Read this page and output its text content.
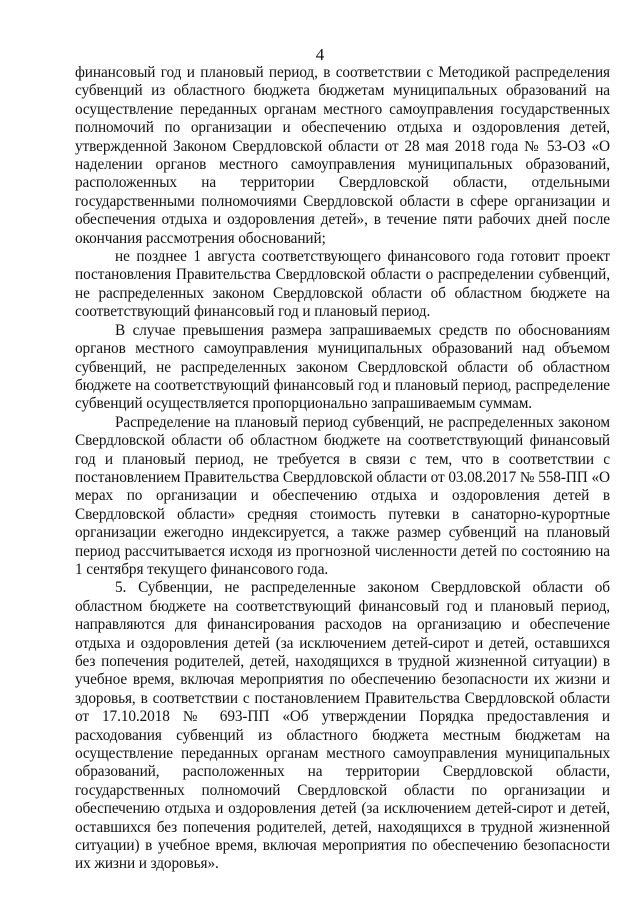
4

финансовый год и плановый период, в соответствии с Методикой распределения субвенций из областного бюджета бюджетам муниципальных образований на осуществление переданных органам местного самоуправления государственных полномочий по организации и обеспечению отдыха и оздоровления детей, утвержденной Законом Свердловской области от 28 мая 2018 года № 53-ОЗ «О наделении органов местного самоуправления муниципальных образований, расположенных на территории Свердловской области, отдельными государственными полномочиями Свердловской области в сфере организации и обеспечения отдыха и оздоровления детей», в течение пяти рабочих дней после окончания рассмотрения обоснований;

не позднее 1 августа соответствующего финансового года готовит проект постановления Правительства Свердловской области о распределении субвенций, не распределенных законом Свердловской области об областном бюджете на соответствующий финансовый год и плановый период.

В случае превышения размера запрашиваемых средств по обоснованиям органов местного самоуправления муниципальных образований над объемом субвенций, не распределенных законом Свердловской области об областном бюджете на соответствующий финансовый год и плановый период, распределение субвенций осуществляется пропорционально запрашиваемым суммам.

Распределение на плановый период субвенций, не распределенных законом Свердловской области об областном бюджете на соответствующий финансовый год и плановый период, не требуется в связи с тем, что в соответствии с постановлением Правительства Свердловской области от 03.08.2017 № 558-ПП «О мерах по организации и обеспечению отдыха и оздоровления детей в Свердловской области» средняя стоимость путевки в санаторно-курортные организации ежегодно индексируется, а также размер субвенций на плановый период рассчитывается исходя из прогнозной численности детей по состоянию на 1 сентября текущего финансового года.

5. Субвенции, не распределенные законом Свердловской области об областном бюджете на соответствующий финансовый год и плановый период, направляются для финансирования расходов на организацию и обеспечение отдыха и оздоровления детей (за исключением детей-сирот и детей, оставшихся без попечения родителей, детей, находящихся в трудной жизненной ситуации) в учебное время, включая мероприятия по обеспечению безопасности их жизни и здоровья, в соответствии с постановлением Правительства Свердловской области от 17.10.2018 № 693-ПП «Об утверждении Порядка предоставления и расходования субвенций из областного бюджета местным бюджетам на осуществление переданных органам местного самоуправления муниципальных образований, расположенных на территории Свердловской области, государственных полномочий Свердловской области по организации и обеспечению отдыха и оздоровления детей (за исключением детей-сирот и детей, оставшихся без попечения родителей, детей, находящихся в трудной жизненной ситуации) в учебное время, включая мероприятия по обеспечению безопасности их жизни и здоровья».
